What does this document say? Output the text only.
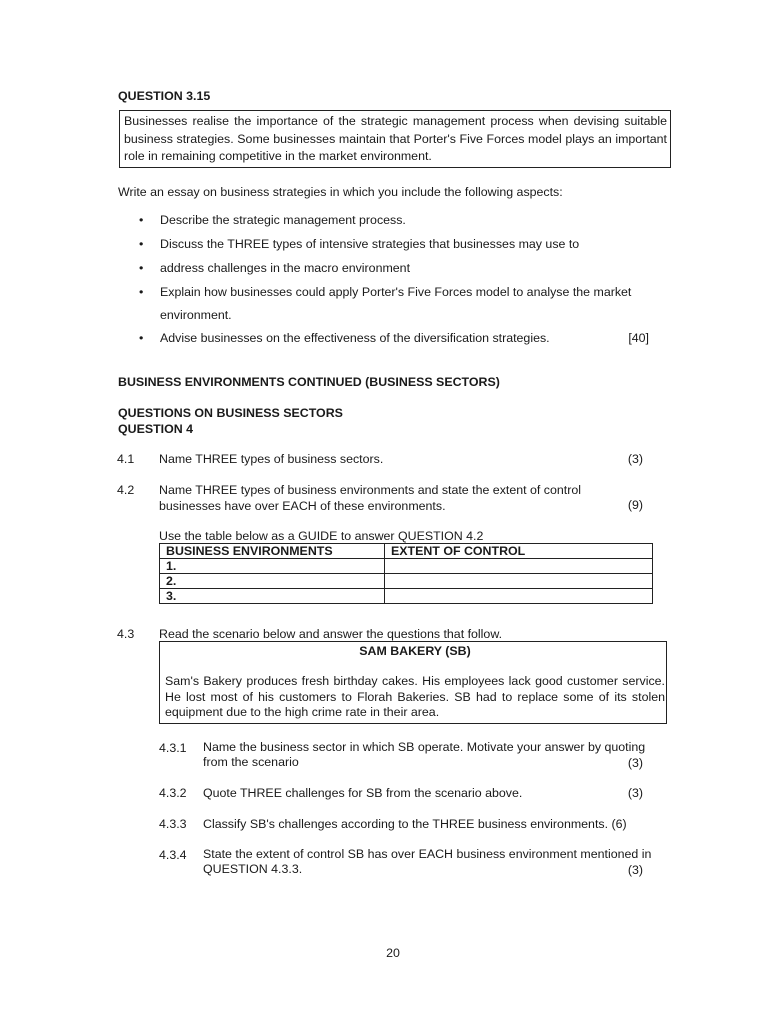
QUESTION 3.15
Businesses realise the importance of the strategic management process when devising suitable business strategies. Some businesses maintain that Porter's Five Forces model plays an important role in remaining competitive in the market environment.
Write an essay on business strategies in which you include the following aspects:
• Describe the strategic management process.
• Discuss the THREE types of intensive strategies that businesses may use to
• address challenges in the macro environment
• Explain how businesses could apply Porter's Five Forces model to analyse the market
environment.
• Advise businesses on the effectiveness of the diversification strategies.	[40]
BUSINESS ENVIRONMENTS CONTINUED (BUSINESS SECTORS)
QUESTIONS ON BUSINESS SECTORS
QUESTION 4
4.1 Name THREE types of business sectors.	(3)
4.2 Name THREE types of business environments and state the extent of control businesses have over EACH of these environments.	(9)
Use the table below as a GUIDE to answer QUESTION 4.2
BUSINESS ENVIRONMENTS	EXTENT OF CONTROL
1.	
2.	
3.	
4.3 Read the scenario below and answer the questions that follow.
SAM BAKERY (SB)
Sam's Bakery produces fresh birthday cakes. His employees lack good customer service. He lost most of his customers to Florah Bakeries. SB had to replace some of its stolen equipment due to the high crime rate in their area.
4.3.1 Name the business sector in which SB operate. Motivate your answer by quoting from the scenario	(3)
4.3.2 Quote THREE challenges for SB from the scenario above.	(3)
4.3.3 Classify SB's challenges according to the THREE business environments. (6)
4.3.4 State the extent of control SB has over EACH business environment mentioned in QUESTION 4.3.3.	(3)
20
